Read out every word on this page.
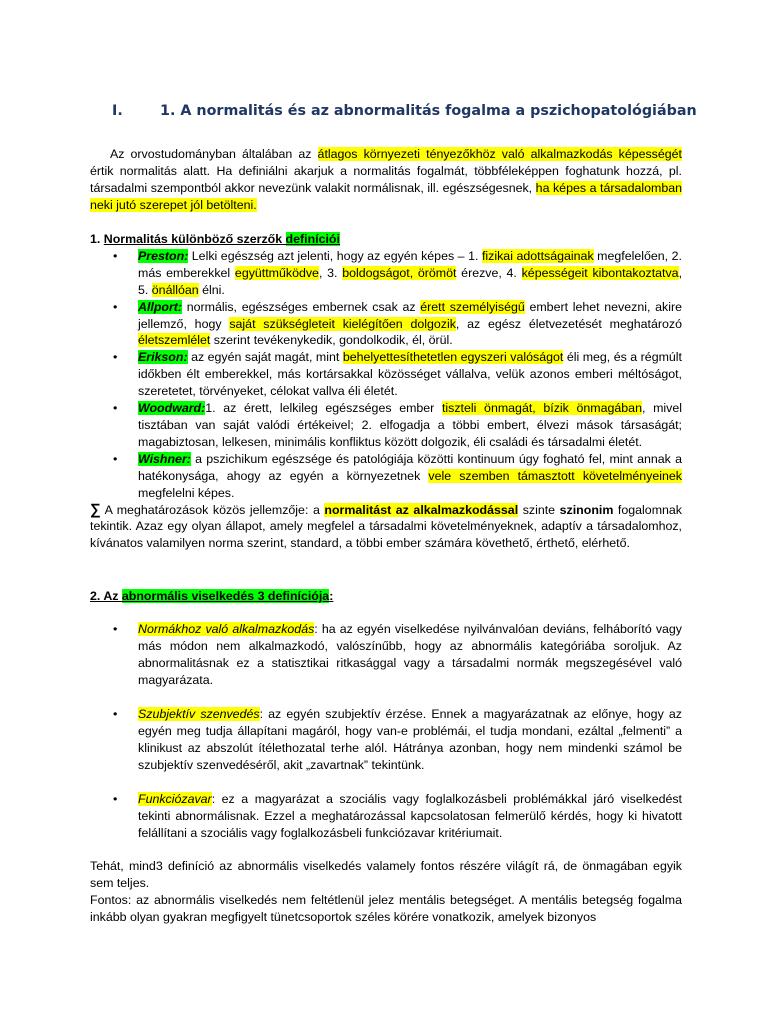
I.	1. A normalitás és az abnormalitás fogalma a pszichopatológiában

Az orvostudományban általában az átlagos környezeti tényezőkhöz való alkalmazkodás képességét értik normalitás alatt. Ha definiálni akarjuk a normalitás fogalmát, többféleképpen foghatunk hozzá, pl. társadalmi szempontból akkor nevezünk valakit normálisnak, ill. egészségesnek, ha képes a társadalomban neki jutó szerepet jól betölteni.

1. Normalitás különböző szerzők definíciói
• Preston: Lelki egészség azt jelenti, hogy az egyén képes – 1. fizikai adottságainak megfelelően, 2. más emberekkel együttműködve, 3. boldogságot, örömöt érezve, 4. képességeit kibontakoztatva, 5. önállóan élni.
• Allport: normális, egészséges embernek csak az érett személyiségű embert lehet nevezni, akire jellemző, hogy saját szükségleteit kielégítően dolgozik, az egész életvezetését meghatározó életszemlélet szerint tevékenykedik, gondolkodik, él, örül.
• Erikson: az egyén saját magát, mint behelyettesíthetetlen egyszeri valóságot éli meg, és a régmúlt időkben élt emberekkel, más kortársakkal közösséget vállalva, velük azonos emberi méltóságot, szeretetet, törvényeket, célokat vallva éli életét.
• Woodward:1. az érett, lelkileg egészséges ember tiszteli önmagát, bízik önmagában, mivel tisztában van saját valódi értékeivel; 2. elfogadja a többi embert, élvezi mások társaságát; magabiztosan, lelkesen, minimális konfliktus között dolgozik, éli családi és társadalmi életét.
• Wishner: a pszichikum egészsége és patológiája közötti kontinuum úgy fogható fel, mint annak a hatékonysága, ahogy az egyén a környezetnek vele szemben támasztott követelményeinek megfelelni képes.

∑ A meghatározások közös jellemzője: a normalitást az alkalmazkodással szinte szinonim fogalomnak tekintik. Azaz egy olyan állapot, amely megfelel a társadalmi követelményeknek, adaptív a társadalomhoz, kívánatos valamilyen norma szerint, standard, a többi ember számára követhető, érthető, elérhető.

2. Az abnormális viselkedés 3 definíciója:
• Normákhoz való alkalmazkodás: ha az egyén viselkedése nyilvánvalóan deviáns, felháborító vagy más módon nem alkalmazkodó, valószínűbb, hogy az abnormális kategóriába soroljuk. Az abnormalitásnak ez a statisztikai ritkasággal vagy a társadalmi normák megszegésével való magyarázata.
• Szubjektív szenvedés: az egyén szubjektív érzése. Ennek a magyarázatnak az előnye, hogy az egyén meg tudja állapítani magáról, hogy van-e problémái, el tudja mondani, ezáltal „felmenti” a klinikust az abszolút ítélethozatal terhe alól. Hátránya azonban, hogy nem mindenki számol be szubjektív szenvedéséről, akit „zavartnak” tekintünk.
• Funkciózavar: ez a magyarázat a szociális vagy foglalkozásbeli problémákkal járó viselkedést tekinti abnormálisnak. Ezzel a meghatározással kapcsolatosan felmerülő kérdés, hogy ki hivatott felállítani a szociális vagy foglalkozásbeli funkciózavar kritériumait.

Tehát, mind3 definíció az abnormális viselkedés valamely fontos részére világít rá, de önmagában egyik sem teljes.

Fontos: az abnormális viselkedés nem feltétlenül jelez mentális betegséget. A mentális betegség fogalma inkább olyan gyakran megfigyelt tünetcsoportok széles körére vonatkozik, amelyek bizonyos
